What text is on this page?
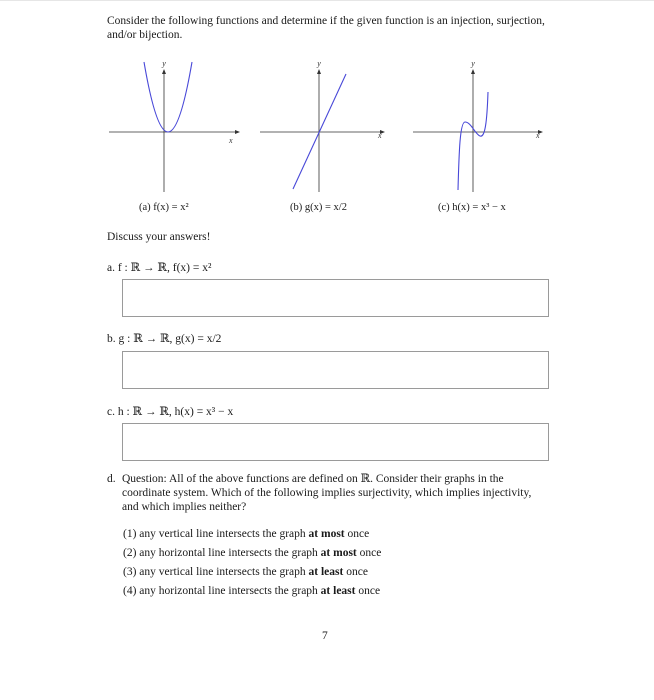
Consider the following functions and determine if the given function is an injection, surjection, and/or bijection.
y
x
y
x
y
x
(a) f(x) = x²	(b) g(x) = x/2	(c) h(x) = x³ − x
Discuss your answers!
a. f : ℝ → ℝ, f(x) = x²
b. g : ℝ → ℝ, g(x) = x/2
c. h : ℝ → ℝ, h(x) = x³ − x
d. Question: All of the above functions are defined on ℝ. Consider their graphs in the coordinate system. Which of the following implies surjectivity, which implies injectivity, and which implies neither?
(1) any vertical line intersects the graph at most once
(2) any horizontal line intersects the graph at most once
(3) any vertical line intersects the graph at least once
(4) any horizontal line intersects the graph at least once
7
